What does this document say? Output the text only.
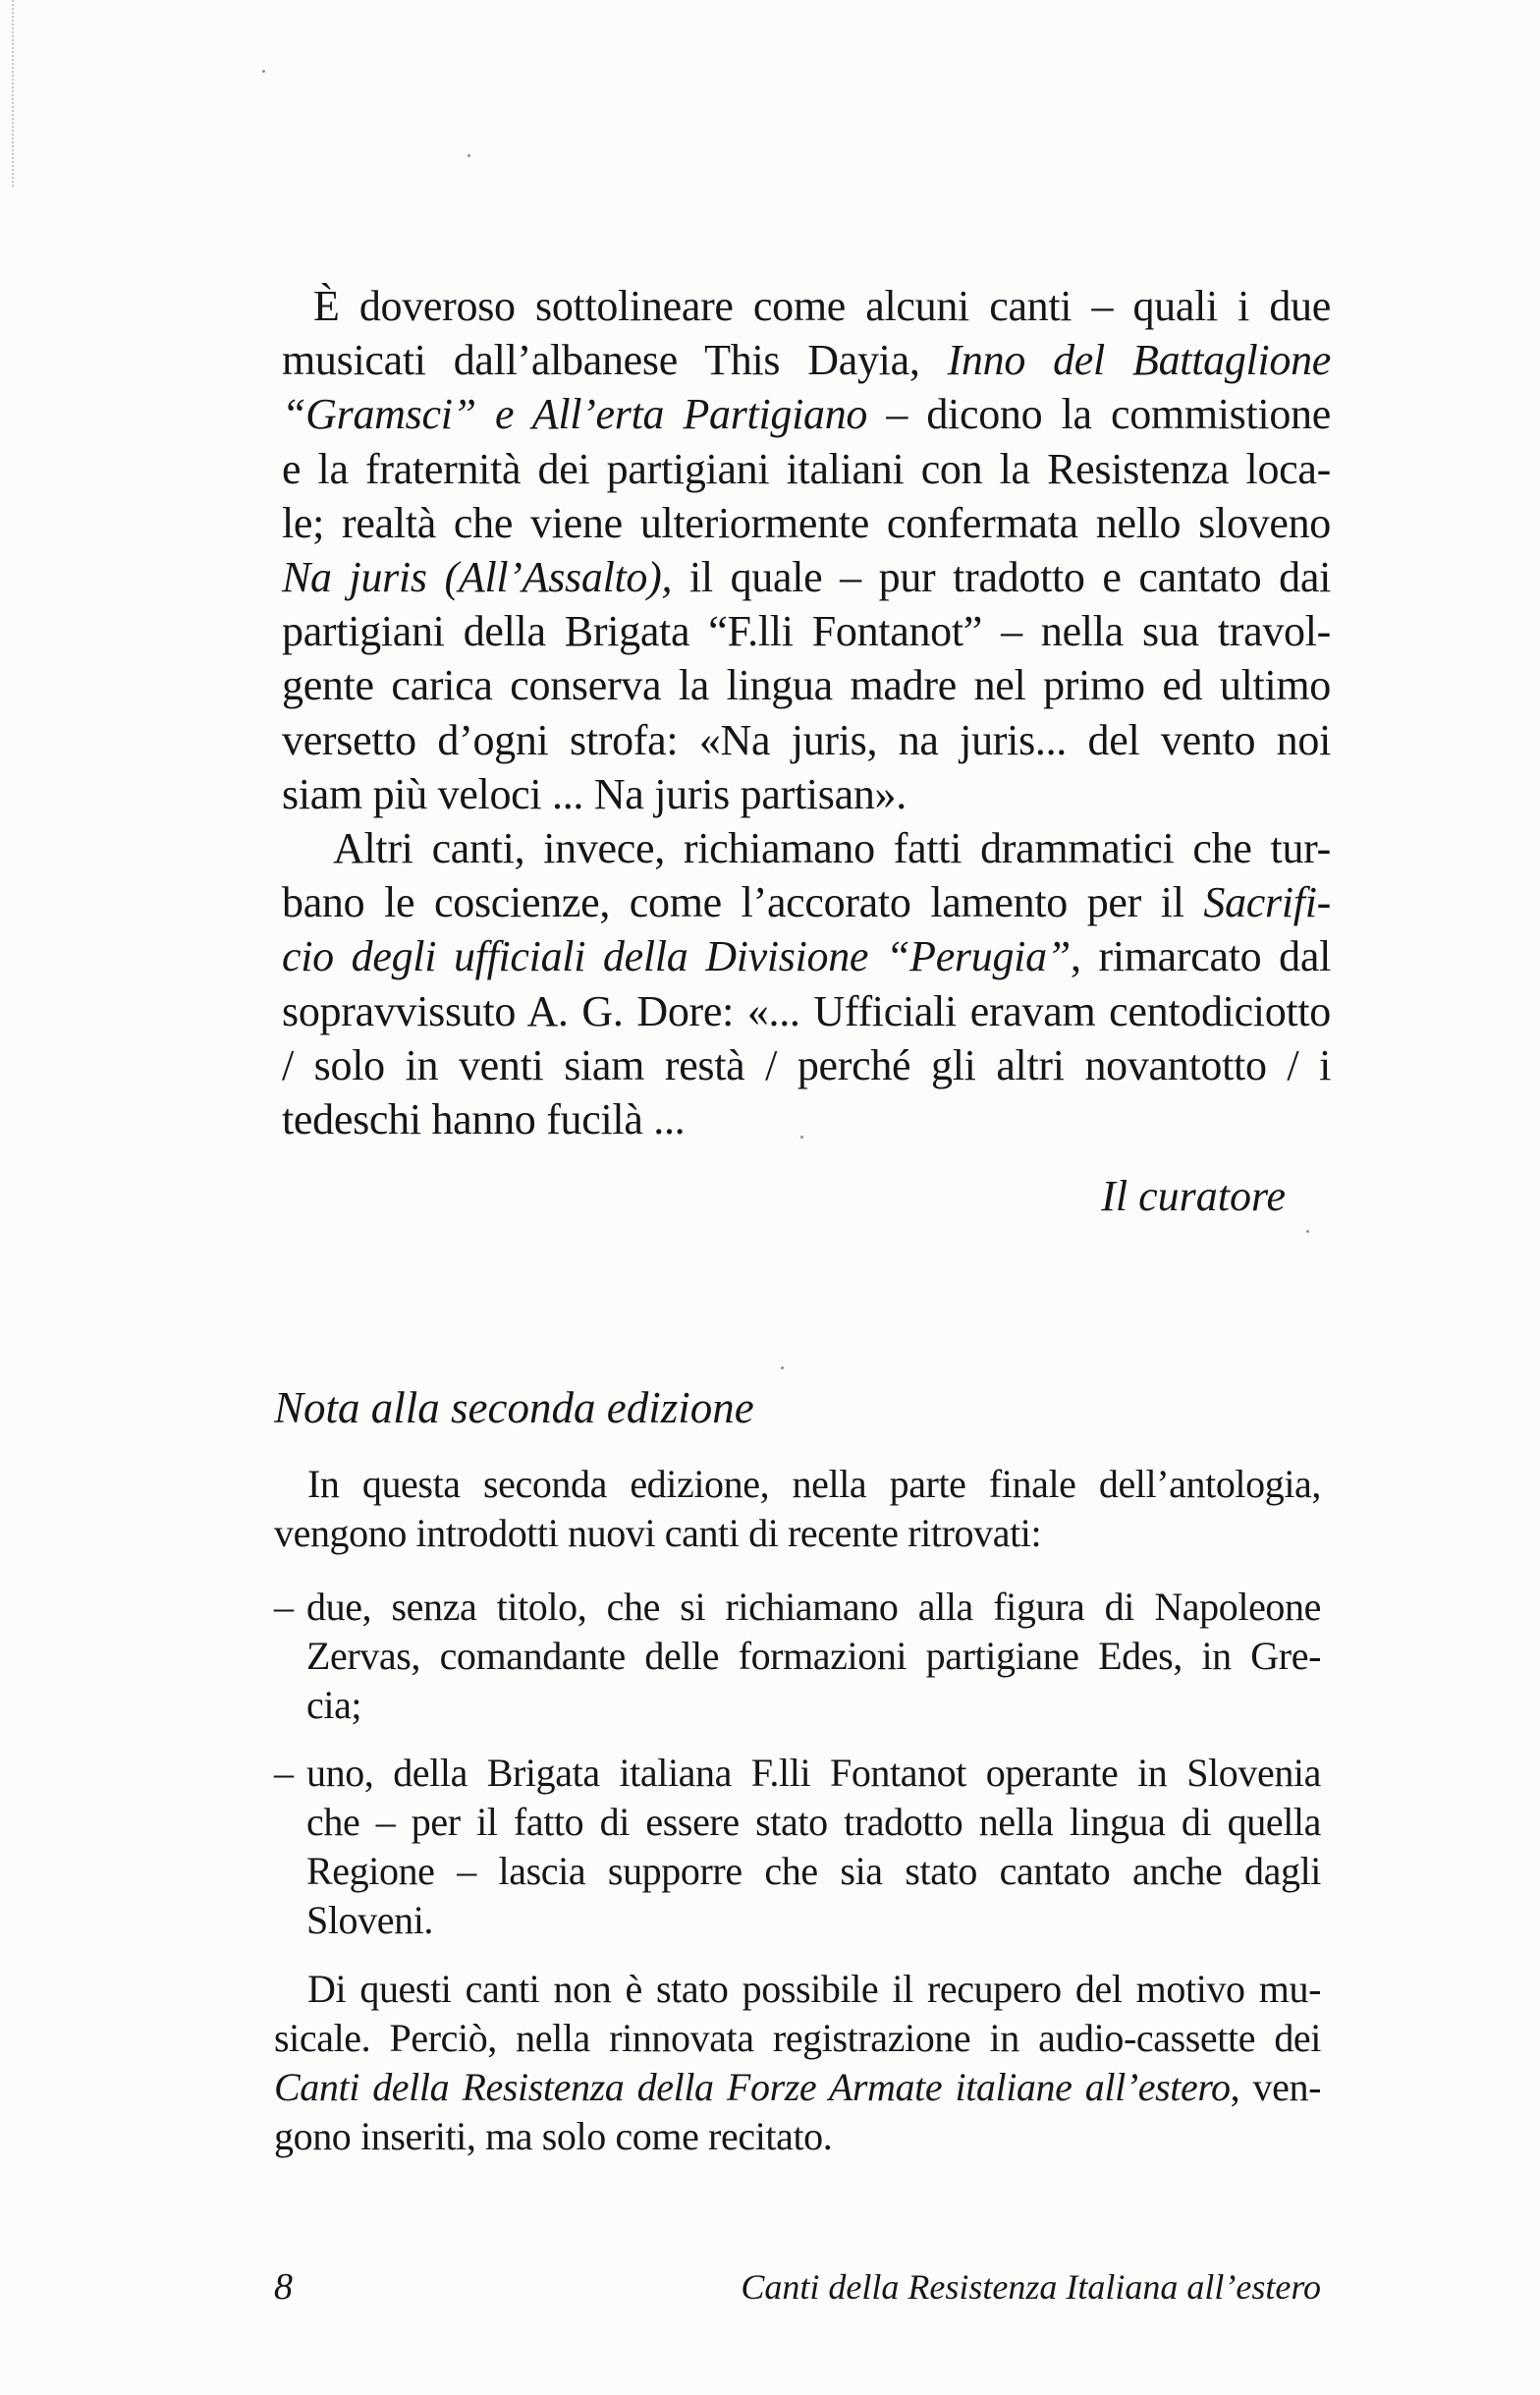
È doveroso sottolineare come alcuni canti – quali i due
musicati dall’albanese This Dayia, Inno del Battaglione
“Gramsci” e All’erta Partigiano – dicono la commistione
e la fraternità dei partigiani italiani con la Resistenza loca-
le; realtà che viene ulteriormente confermata nello sloveno
Na juris (All’Assalto), il quale – pur tradotto e cantato dai
partigiani della Brigata “F.lli Fontanot” – nella sua travol-
gente carica conserva la lingua madre nel primo ed ultimo
versetto d’ogni strofa: «Na juris, na juris... del vento noi
siam più veloci ... Na juris partisan».
Altri canti, invece, richiamano fatti drammatici che tur-
bano le coscienze, come l’accorato lamento per il Sacrifi-
cio degli ufficiali della Divisione “Perugia”, rimarcato dal
sopravvissuto A. G. Dore: «... Ufficiali eravam centodiciotto
/ solo in venti siam restà / perché gli altri novantotto / i
tedeschi hanno fucilà ...
Il curatore
Nota alla seconda edizione
In questa seconda edizione, nella parte finale dell’antologia,
vengono introdotti nuovi canti di recente ritrovati:
– due, senza titolo, che si richiamano alla figura di Napoleone
Zervas, comandante delle formazioni partigiane Edes, in Gre-
cia;
– uno, della Brigata italiana F.lli Fontanot operante in Slovenia
che – per il fatto di essere stato tradotto nella lingua di quella
Regione – lascia supporre che sia stato cantato anche dagli
Sloveni.
Di questi canti non è stato possibile il recupero del motivo mu-
sicale. Perciò, nella rinnovata registrazione in audio-cassette dei
Canti della Resistenza della Forze Armate italiane all’estero, ven-
gono inseriti, ma solo come recitato.
8	Canti della Resistenza Italiana all’estero
